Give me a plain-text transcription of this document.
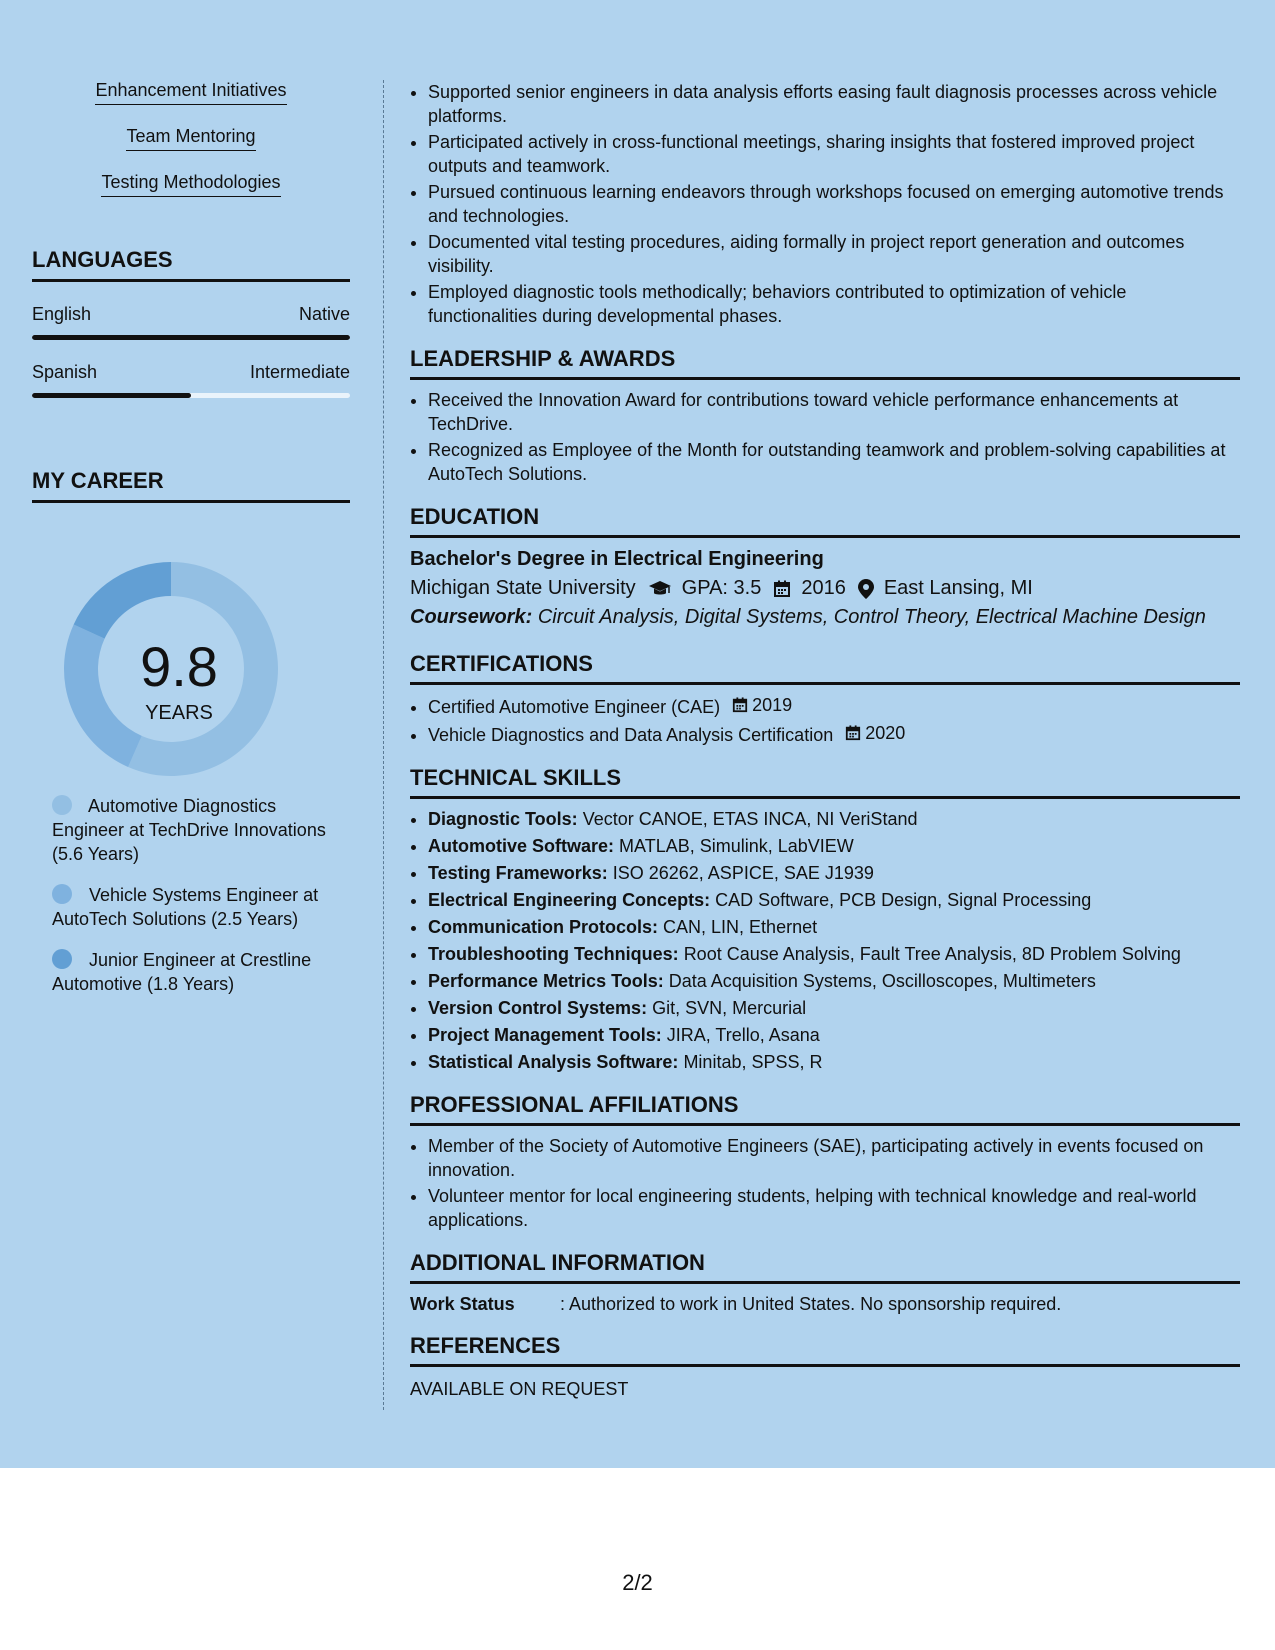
Enhancement Initiatives
Team Mentoring
Testing Methodologies
LANGUAGES
English	Native
Spanish	Intermediate
MY CAREER
9.8
YEARS
Automotive Diagnostics Engineer at TechDrive Innovations (5.6 Years)
Vehicle Systems Engineer at AutoTech Solutions (2.5 Years)
Junior Engineer at Crestline Automotive (1.8 Years)
• Supported senior engineers in data analysis efforts easing fault diagnosis processes across vehicle platforms.
• Participated actively in cross-functional meetings, sharing insights that fostered improved project outputs and teamwork.
• Pursued continuous learning endeavors through workshops focused on emerging automotive trends and technologies.
• Documented vital testing procedures, aiding formally in project report generation and outcomes visibility.
• Employed diagnostic tools methodically; behaviors contributed to optimization of vehicle functionalities during developmental phases.
LEADERSHIP & AWARDS
• Received the Innovation Award for contributions toward vehicle performance enhancements at TechDrive.
• Recognized as Employee of the Month for outstanding teamwork and problem-solving capabilities at AutoTech Solutions.
EDUCATION
Bachelor's Degree in Electrical Engineering
Michigan State University GPA: 3.5 2016 East Lansing, MI
Coursework: Circuit Analysis, Digital Systems, Control Theory, Electrical Machine Design
CERTIFICATIONS
• Certified Automotive Engineer (CAE) 2019
• Vehicle Diagnostics and Data Analysis Certification 2020
TECHNICAL SKILLS
• Diagnostic Tools: Vector CANOE, ETAS INCA, NI VeriStand
• Automotive Software: MATLAB, Simulink, LabVIEW
• Testing Frameworks: ISO 26262, ASPICE, SAE J1939
• Electrical Engineering Concepts: CAD Software, PCB Design, Signal Processing
• Communication Protocols: CAN, LIN, Ethernet
• Troubleshooting Techniques: Root Cause Analysis, Fault Tree Analysis, 8D Problem Solving
• Performance Metrics Tools: Data Acquisition Systems, Oscilloscopes, Multimeters
• Version Control Systems: Git, SVN, Mercurial
• Project Management Tools: JIRA, Trello, Asana
• Statistical Analysis Software: Minitab, SPSS, R
PROFESSIONAL AFFILIATIONS
• Member of the Society of Automotive Engineers (SAE), participating actively in events focused on innovation.
• Volunteer mentor for local engineering students, helping with technical knowledge and real-world applications.
ADDITIONAL INFORMATION
Work Status	: Authorized to work in United States. No sponsorship required.
REFERENCES
AVAILABLE ON REQUEST
2/2
